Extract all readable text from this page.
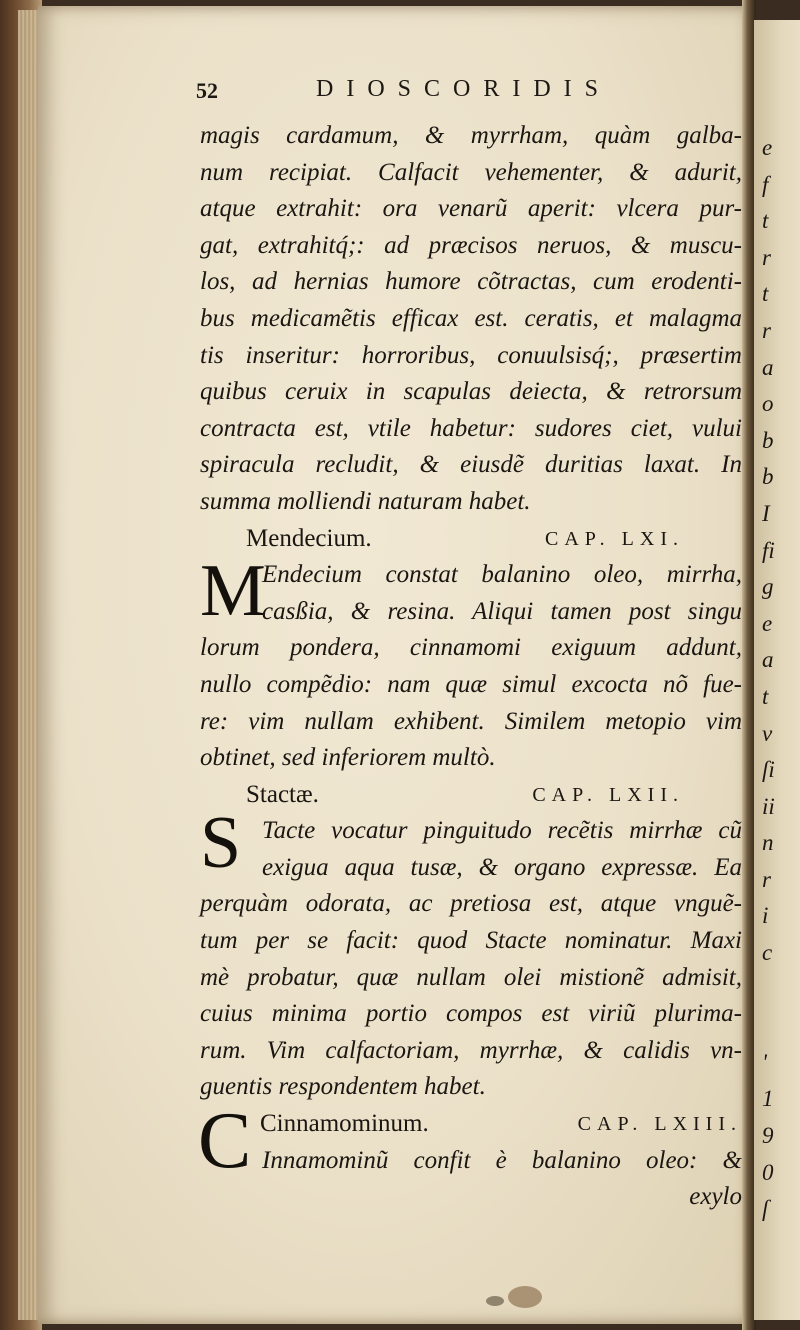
e
f
t
r
t
r
a
o
b
b
I
fi
g
e
a
t
v
ſi
ii
n
r
i
c

'
1
9
0
ſ
52	DIOSCORIDIS
M
S
C
magis cardamum, & myrrham, quàm galba-
num recipiat. Calfacit vehementer, & adurit,
atque extrahit: ora venarũ aperit: vlcera pur-
gat, extrahitq́;: ad præcisos neruos, & muscu-
los, ad hernias humore cõtractas, cum erodenti-
bus medicamẽtis efficax est. ceratis, et malagma
tis inseritur: horroribus, conuulsisq́;, præsertim
quibus ceruix in scapulas deiecta, & retrorsum
contracta est, vtile habetur: sudores ciet, vului
spiracula recludit, & eiusdẽ duritias laxat. In
summa molliendi naturam habet.
Mendecium.	CAP. LXI.
Endecium constat balanino oleo, mirrha,
casßia, & resina. Aliqui tamen post singu
lorum pondera, cinnamomi exiguum addunt,
nullo compẽdio: nam quæ simul excocta nõ fue-
re: vim nullam exhibent. Similem metopio vim
obtinet, sed inferiorem multò.
Stactæ.	CAP. LXII.
Tacte vocatur pinguitudo recẽtis mirrhæ cũ
exigua aqua tusæ, & organo expressæ. Ea
perquàm odorata, ac pretiosa est, atque vnguẽ-
tum per se facit: quod Stacte nominatur. Maxi
mè probatur, quæ nullam olei mistionẽ admisit,
cuius minima portio compos est viriũ plurima-
rum. Vim calfactoriam, myrrhæ, & calidis vn-
guentis respondentem habet.
Cinnamominum.	CAP. LXIII.
Innamominũ confit è balanino oleo: &
exylo
